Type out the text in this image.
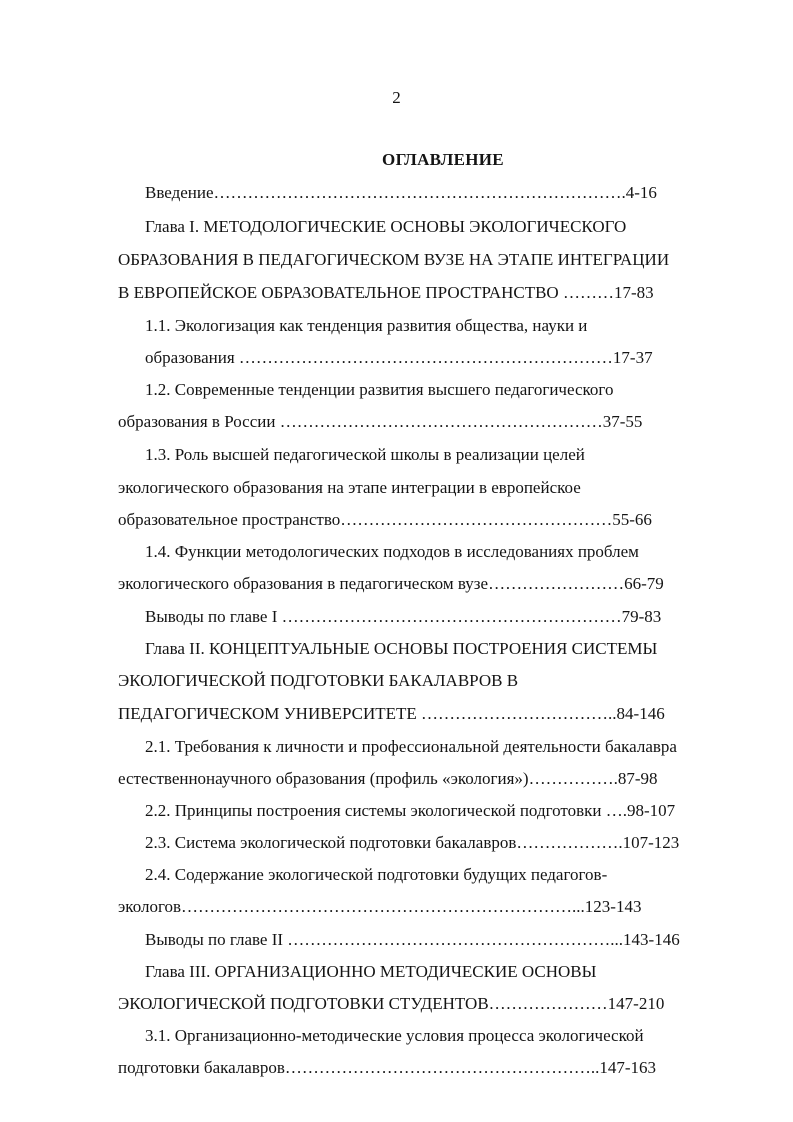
2
ОГЛАВЛЕНИЕ
Введение……………………………………………………………….4-16
Глава I. МЕТОДОЛОГИЧЕСКИЕ ОСНОВЫ ЭКОЛОГИЧЕСКОГО
ОБРАЗОВАНИЯ В ПЕДАГОГИЧЕСКОМ ВУЗЕ НА ЭТАПЕ ИНТЕГРАЦИИ
В ЕВРОПЕЙСКОЕ ОБРАЗОВАТЕЛЬНОЕ ПРОСТРАНСТВО ………17-83
1.1. Экологизация как тенденция развития общества, науки и
образования …………………………………………………………17-37
1.2. Современные тенденции развития высшего педагогического
образования в России …………………………………………………37-55
1.3. Роль высшей педагогической школы в реализации целей
экологического образования на этапе интеграции в европейское
образовательное пространство…………………………………………55-66
1.4. Функции методологических подходов в исследованиях проблем
экологического образования в педагогическом вузе……………………66-79
Выводы по главе I ……………………………………………………79-83
Глава II. КОНЦЕПТУАЛЬНЫЕ ОСНОВЫ ПОСТРОЕНИЯ СИСТЕМЫ
ЭКОЛОГИЧЕСКОЙ ПОДГОТОВКИ БАКАЛАВРОВ В
ПЕДАГОГИЧЕСКОМ УНИВЕРСИТЕТЕ ……………………………..84-146
2.1. Требования к личности и профессиональной деятельности бакалавра
естественнонаучного образования (профиль «экология»)…………….87-98
2.2. Принципы построения системы экологической подготовки ….98-107
2.3. Система экологической подготовки бакалавров……………….107-123
2.4. Содержание экологической подготовки будущих педагогов-
экологов……………………………………………………………...123-143
Выводы по главе II …………………………………………………...143-146
Глава III. ОРГАНИЗАЦИОННО МЕТОДИЧЕСКИЕ ОСНОВЫ
ЭКОЛОГИЧЕСКОЙ ПОДГОТОВКИ СТУДЕНТОВ…………………147-210
3.1. Организационно-методические условия процесса экологической
подготовки бакалавров………………………………………………..147-163
